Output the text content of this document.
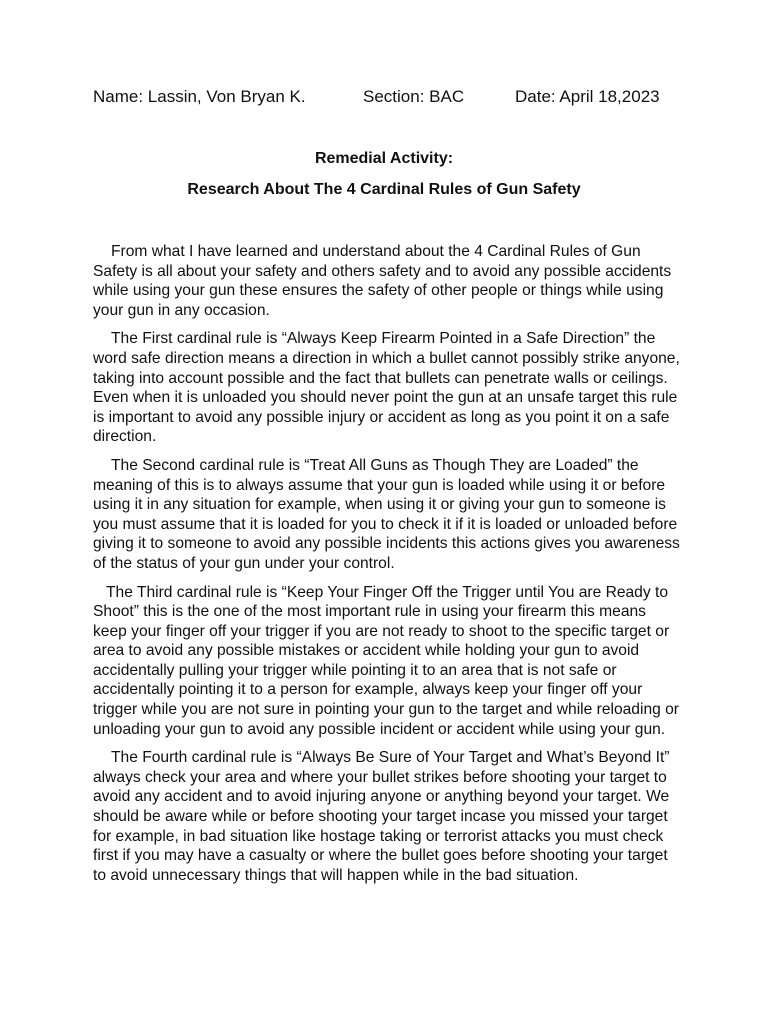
Name: Lassin, Von Bryan K.	Section: BAC	Date: April 18,2023
Remedial Activity:
Research About The 4 Cardinal Rules of Gun Safety

From what I have learned and understand about the 4 Cardinal Rules of Gun Safety is all about your safety and others safety and to avoid any possible accidents while using your gun these ensures the safety of other people or things while using your gun in any occasion.

The First cardinal rule is “Always Keep Firearm Pointed in a Safe Direction” the word safe direction means a direction in which a bullet cannot possibly strike anyone, taking into account possible and the fact that bullets can penetrate walls or ceilings. Even when it is unloaded you should never point the gun at an unsafe target this rule is important to avoid any possible injury or accident as long as you point it on a safe direction.

The Second cardinal rule is “Treat All Guns as Though They are Loaded” the meaning of this is to always assume that your gun is loaded while using it or before using it in any situation for example, when using it or giving your gun to someone is you must assume that it is loaded for you to check it if it is loaded or unloaded before giving it to someone to avoid any possible incidents this actions gives you awareness of the status of your gun under your control.

The Third cardinal rule is “Keep Your Finger Off the Trigger until You are Ready to Shoot” this is the one of the most important rule in using your firearm this means keep your finger off your trigger if you are not ready to shoot to the specific target or area to avoid any possible mistakes or accident while holding your gun to avoid accidentally pulling your trigger while pointing it to an area that is not safe or accidentally pointing it to a person for example, always keep your finger off your trigger while you are not sure in pointing your gun to the target and while reloading or unloading your gun to avoid any possible incident or accident while using your gun.

The Fourth cardinal rule is “Always Be Sure of Your Target and What’s Beyond It” always check your area and where your bullet strikes before shooting your target to avoid any accident and to avoid injuring anyone or anything beyond your target. We should be aware while or before shooting your target incase you missed your target for example, in bad situation like hostage taking or terrorist attacks you must check first if you may have a casualty or where the bullet goes before shooting your target to avoid unnecessary things that will happen while in the bad situation.
